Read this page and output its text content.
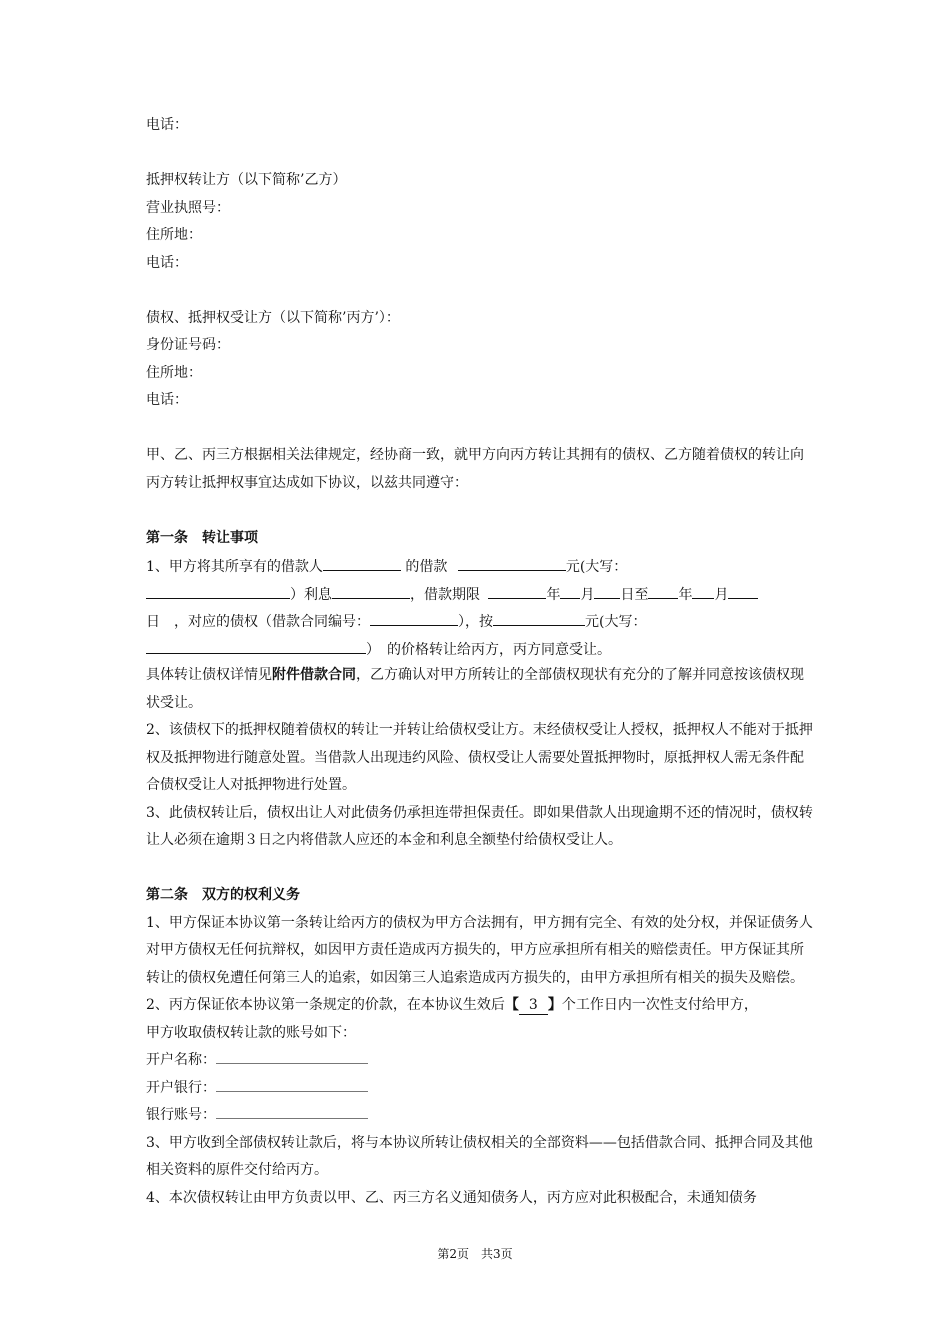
电话：
抵押权转让方（以下简称’乙方）
营业执照号：
住所地：
电话：
债权、抵押权受让方（以下简称’丙方’）：
身份证号码：
住所地：
电话：
甲、乙、丙三方根据相关法律规定，经协商一致，就甲方向丙方转让其拥有的债权、乙方随着债权的转让向丙方转让抵押权事宜达成如下协议，以兹共同遵守：
第一条　转让事项
1、甲方将其所享有的借款人	的借款	元(大写：
）利息	，借款期限	年 月 日至 年 月
日　，对应的债权（借款合同编号：	），按	元(大写：
）　的价格转让给丙方，丙方同意受让。
具体转让债权详情见附件借款合同，乙方确认对甲方所转让的全部债权现状有充分的了解并同意按该债权现状受让。
2、该债权下的抵押权随着债权的转让一并转让给债权受让方。末经债权受让人授权，抵押权人不能对于抵押权及抵押物进行随意处置。当借款人出现违约风险、债权受让人需要处置抵押物时，原抵押权人需无条件配合债权受让人对抵押物进行处置。
3、此债权转让后，债权出让人对此债务仍承担连带担保责任。即如果借款人出现逾期不还的情况时，债权转让人必须在逾期３日之内将借款人应还的本金和利息全额垫付给债权受让人。
第二条　双方的权利义务
1、甲方保证本协议第一条转让给丙方的债权为甲方合法拥有，甲方拥有完全、有效的处分权，并保证债务人对甲方债权无任何抗辩权，如因甲方责任造成丙方损失的，甲方应承担所有相关的赔偿责任。甲方保证其所转让的债权免遭任何第三人的追索，如因第三人追索造成丙方损失的，由甲方承担所有相关的损失及赔偿。
2、丙方保证依本协议第一条规定的价款，在本协议生效后【 3 】个工作日内一次性支付给甲方，
甲方收取债权转让款的账号如下：
开户名称：
开户银行：
银行账号：
3、甲方收到全部债权转让款后，将与本协议所转让债权相关的全部资料——包括借款合同、抵押合同及其他相关资料的原件交付给丙方。
4、本次债权转让由甲方负责以甲、乙、丙三方名义通知债务人，丙方应对此积极配合，未通知债务
第2页　共3页
